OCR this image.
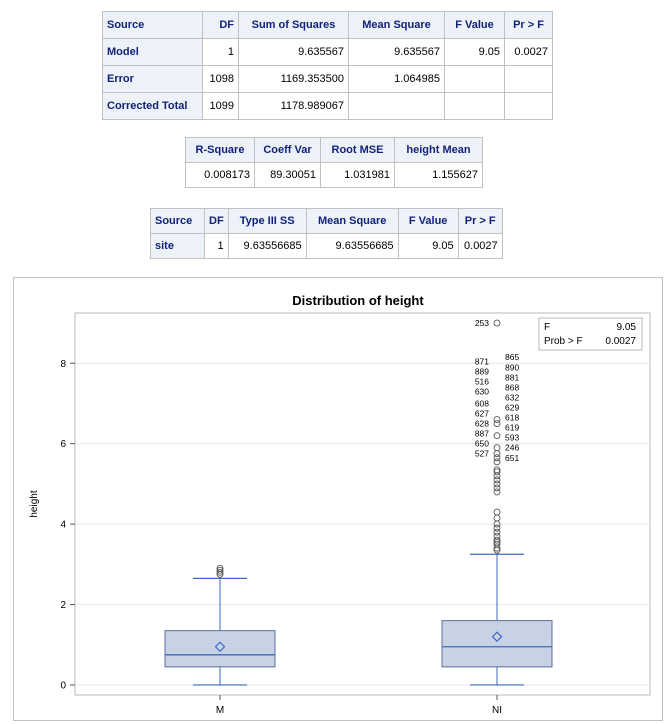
Source	DF	Sum of Squares	Mean Square	F Value	Pr > F
Model	1	9.635567	9.635567	9.05	0.0027
Error	1098	1169.353500	1.064985		
Corrected Total	1099	1178.989067			
R-Square	Coeff Var	Root MSE	height Mean
0.008173	89.30051	1.031981	1.155627
Source	DF	Type III SS	Mean Square	F Value	Pr > F
site	1	9.63556685	9.63556685	9.05	0.0027
Distribution of height
0
2
4
6
8
M	NI
253
865
871
890
889
881
516
868
630
632
608 629
627 618
628 619
887 593
650 246
527 651
F	9.05
Prob > F 0.0027
height
